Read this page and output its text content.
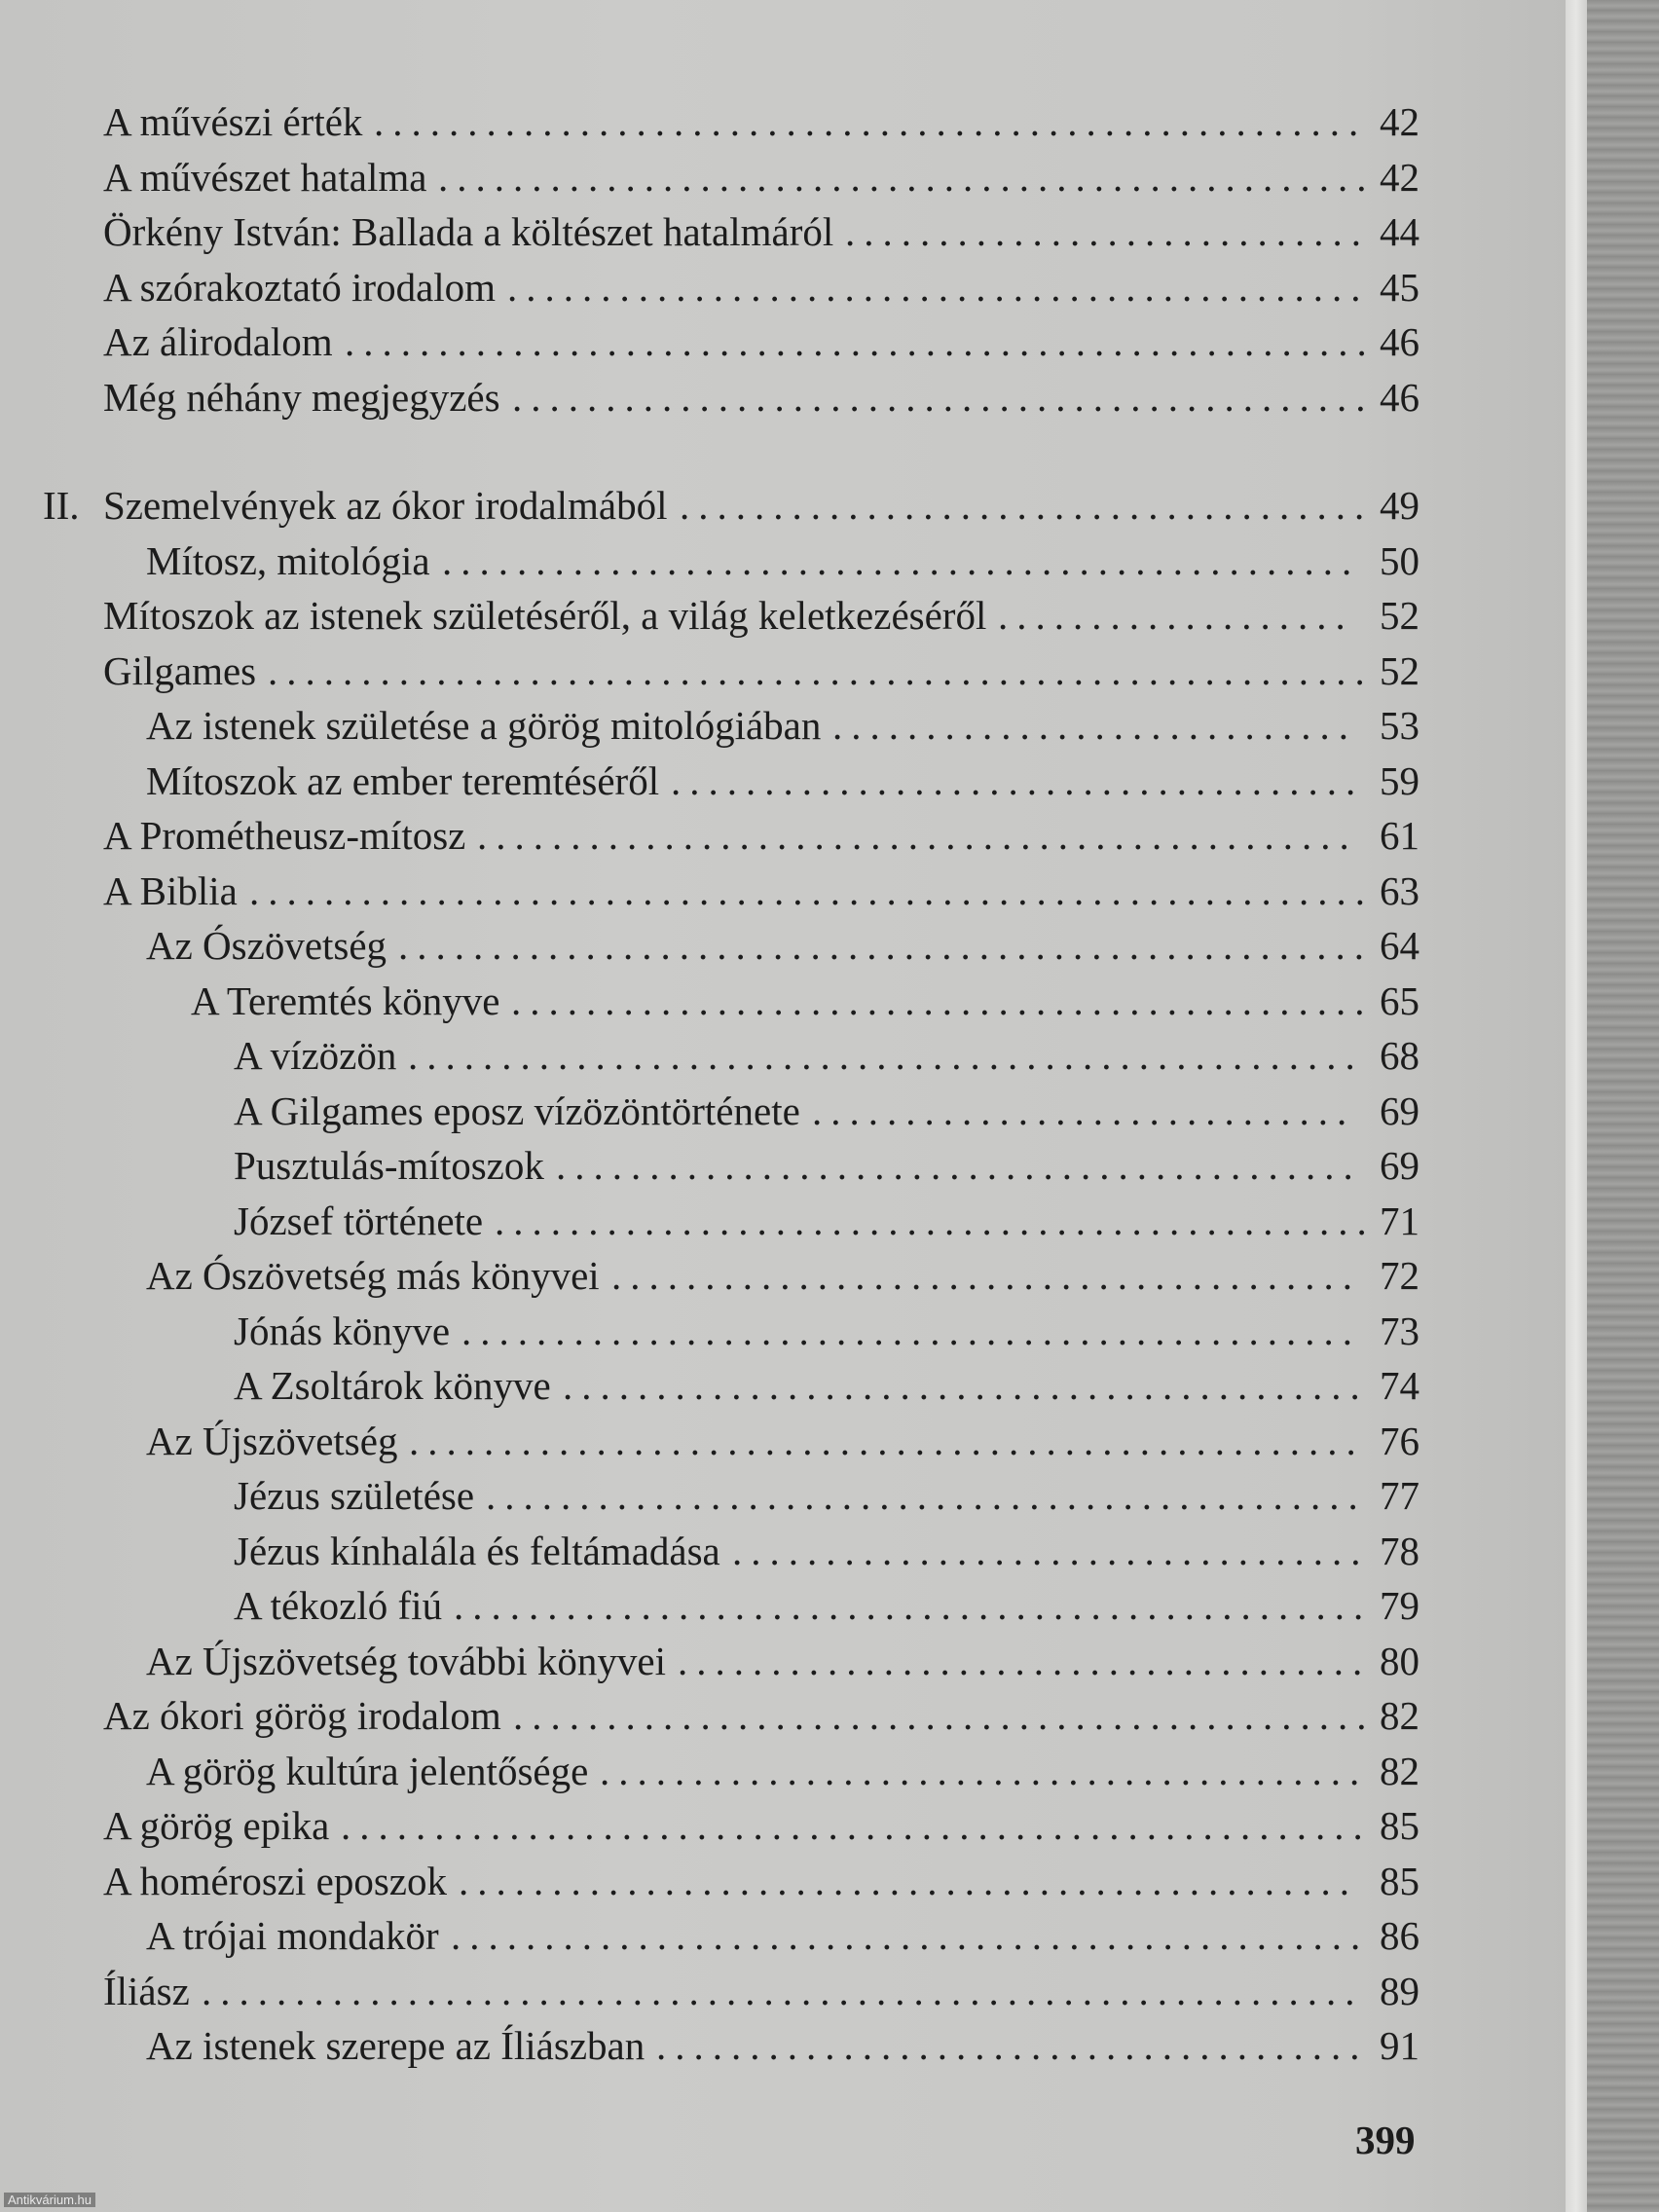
A művészi érték ..................................................... 42
A művészet hatalma .................................................. 42
Örkény István: Ballada a költészet hatalmáról ............................ 44
A szórakoztató irodalom .............................................. 45
Az álirodalom ....................................................... 46
Még néhány megjegyzés .............................................. 46
II. Szemelvények az ókor irodalmából ..................................... 49
Mítosz, mitológia ................................................. 50
Mítoszok az istenek születéséről, a világ keletkezéséről ................... 52
Gilgames ........................................................... 52
Az istenek születése a görög mitológiában ............................ 53
Mítoszok az ember teremtéséről ..................................... 59
A Prométheusz-mítosz ............................................... 61
A Biblia ............................................................ 63
Az Ószövetség .................................................... 64
A Teremtés könyve .............................................. 65
A vízözön ................................................... 68
A Gilgames eposz vízözöntörténete ............................. 69
Pusztulás-mítoszok ........................................... 69
József története ............................................... 71
Az Ószövetség más könyvei ........................................ 72
Jónás könyve ................................................ 73
A Zsoltárok könyve ........................................... 74
Az Újszövetség ................................................... 76
Jézus születése ............................................... 77
Jézus kínhalála és feltámadása .................................. 78
A tékozló fiú ................................................. 79
Az Újszövetség további könyvei ..................................... 80
Az ókori görög irodalom .............................................. 82
A görög kultúra jelentősége ......................................... 82
A görög epika ....................................................... 85
A homéroszi eposzok ................................................ 85
A trójai mondakör ................................................. 86
Íliász .............................................................. 89
Az istenek szerepe az Íliászban ...................................... 91
399
Antikvárium.hu
